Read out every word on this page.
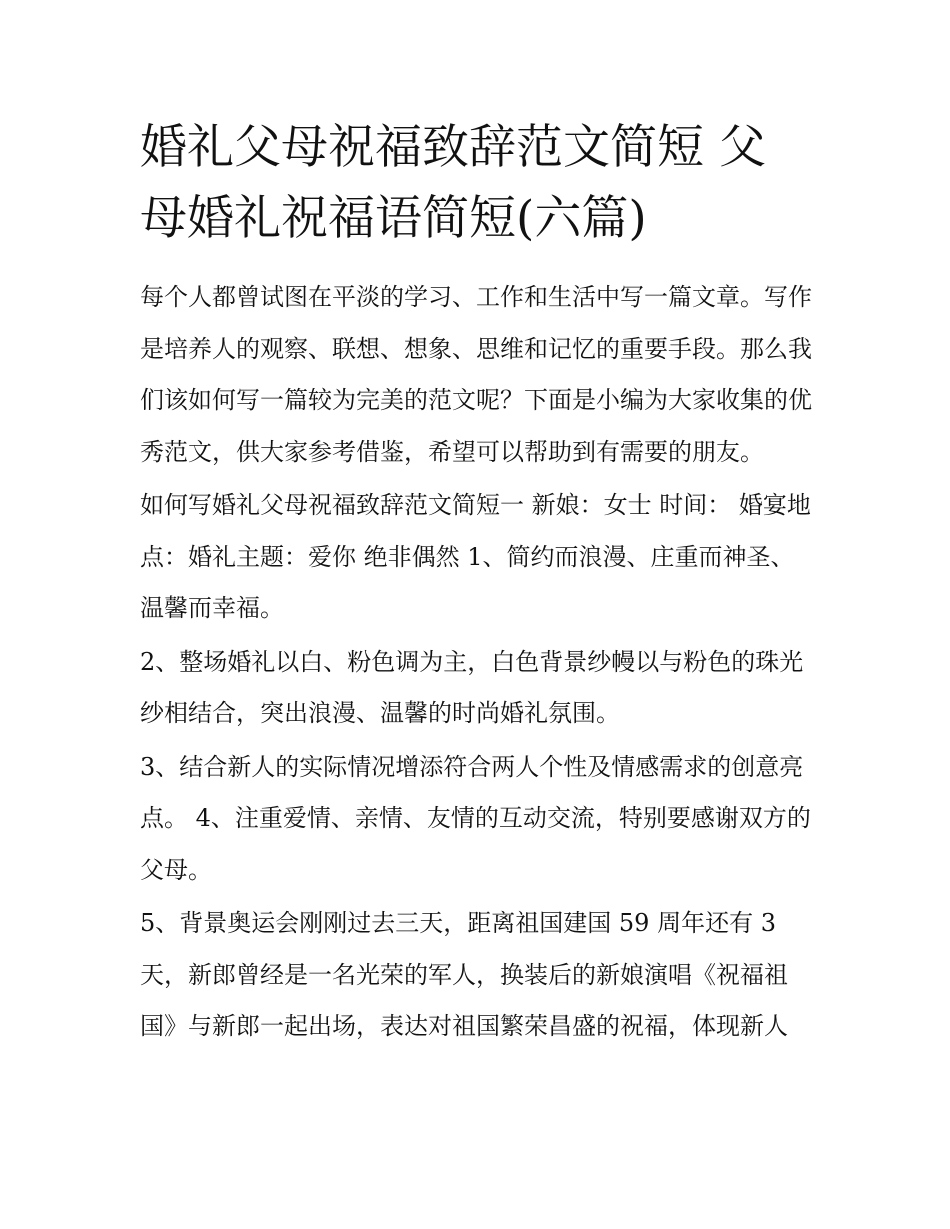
婚礼父母祝福致辞范文简短 父母婚礼祝福语简短(六篇)

每个人都曾试图在平淡的学习、工作和生活中写一篇文章。写作是培养人的观察、联想、想象、思维和记忆的重要手段。那么我们该如何写一篇较为完美的范文呢？下面是小编为大家收集的优秀范文，供大家参考借鉴，希望可以帮助到有需要的朋友。

如何写婚礼父母祝福致辞范文简短一 新娘：女士 时间： 婚宴地点：婚礼主题：爱你 绝非偶然 1、简约而浪漫、庄重而神圣、温馨而幸福。

2、整场婚礼以白、粉色调为主，白色背景纱幔以与粉色的珠光纱相结合，突出浪漫、温馨的时尚婚礼氛围。

3、结合新人的实际情况增添符合两人个性及情感需求的创意亮点。 4、注重爱情、亲情、友情的互动交流，特别要感谢双方的父母。

5、背景奥运会刚刚过去三天，距离祖国建国 59 周年还有 3 天，新郎曾经是一名光荣的军人，换装后的新娘演唱《祝福祖国》与新郎一起出场，表达对祖国繁荣昌盛的祝福，体现新人
